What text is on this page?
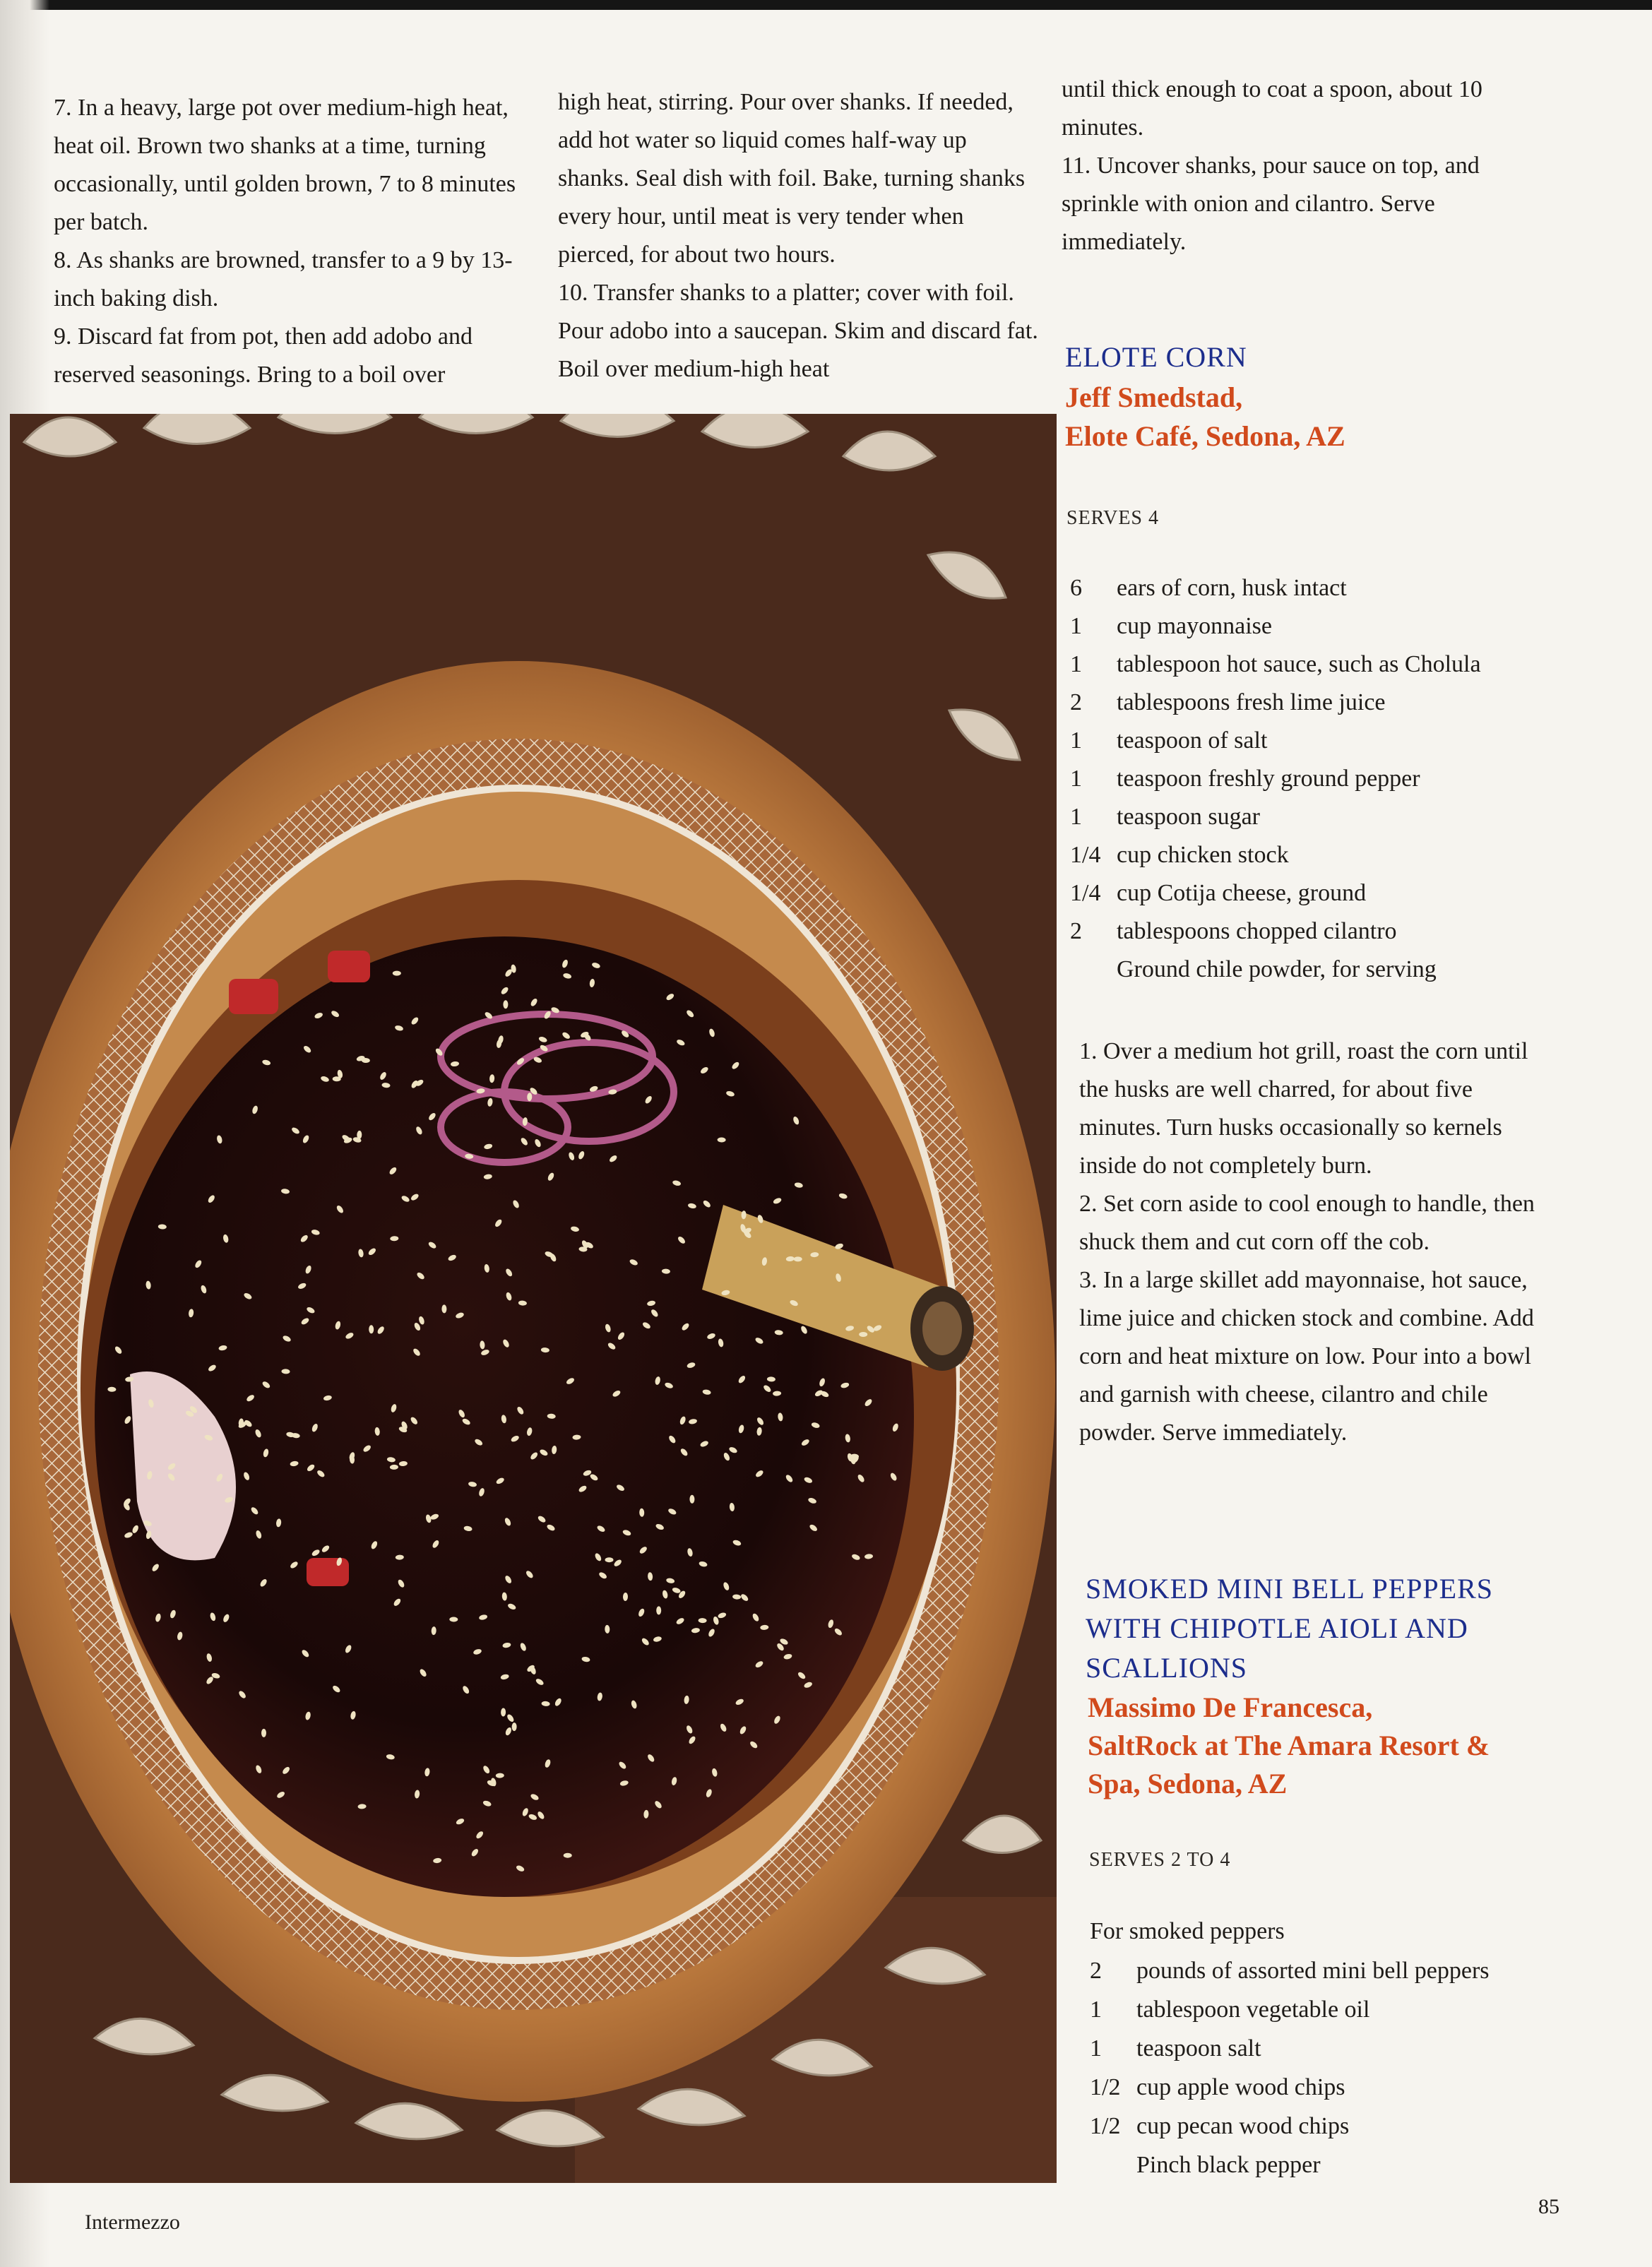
7. In a heavy, large pot over medium-high heat, heat oil. Brown two shanks at a time, turning occasionally, until golden brown, 7 to 8 minutes per batch.

8. As shanks are browned, transfer to a 9 by 13-inch baking dish.

9. Discard fat from pot, then add adobo and reserved seasonings. Bring to a boil over

high heat, stirring. Pour over shanks. If needed, add hot water so liquid comes half-way up shanks. Seal dish with foil. Bake, turning shanks every hour, until meat is very tender when pierced, for about two hours.

10. Transfer shanks to a platter; cover with foil. Pour adobo into a saucepan. Skim and discard fat. Boil over medium-high heat

until thick enough to coat a spoon, about 10 minutes.

11. Uncover shanks, pour sauce on top, and sprinkle with onion and cilantro. Serve immediately.

ELOTE CORN
Jeff Smedstad,
Elote Café, Sedona, AZ
SERVES 4
6	ears of corn, husk intact
1	cup mayonnaise
1	tablespoon hot sauce, such as Cholula
2	tablespoons fresh lime juice
1	teaspoon of salt
1	teaspoon freshly ground pepper
1	teaspoon sugar
1/4 cup chicken stock
1/4 cup Cotija cheese, ground
2	tablespoons chopped cilantro
Ground chile powder, for serving

1. Over a medium hot grill, roast the corn until the husks are well charred, for about five minutes. Turn husks occasionally so kernels inside do not completely burn.

2. Set corn aside to cool enough to handle, then shuck them and cut corn off the cob.

3. In a large skillet add mayonnaise, hot sauce, lime juice and chicken stock and combine. Add corn and heat mixture on low. Pour into a bowl and garnish with cheese, cilantro and chile powder. Serve immediately.

SMOKED MINI BELL PEPPERS
WITH CHIPOTLE AIOLI AND
SCALLIONS
Massimo De Francesca,
SaltRock at The Amara Resort &
Spa, Sedona, AZ
SERVES 2 TO 4
For smoked peppers
2	pounds of assorted mini bell peppers
1	tablespoon vegetable oil
1	teaspoon salt
1/2 cup apple wood chips
1/2 cup pecan wood chips
Pinch black pepper
Intermezzo
85
